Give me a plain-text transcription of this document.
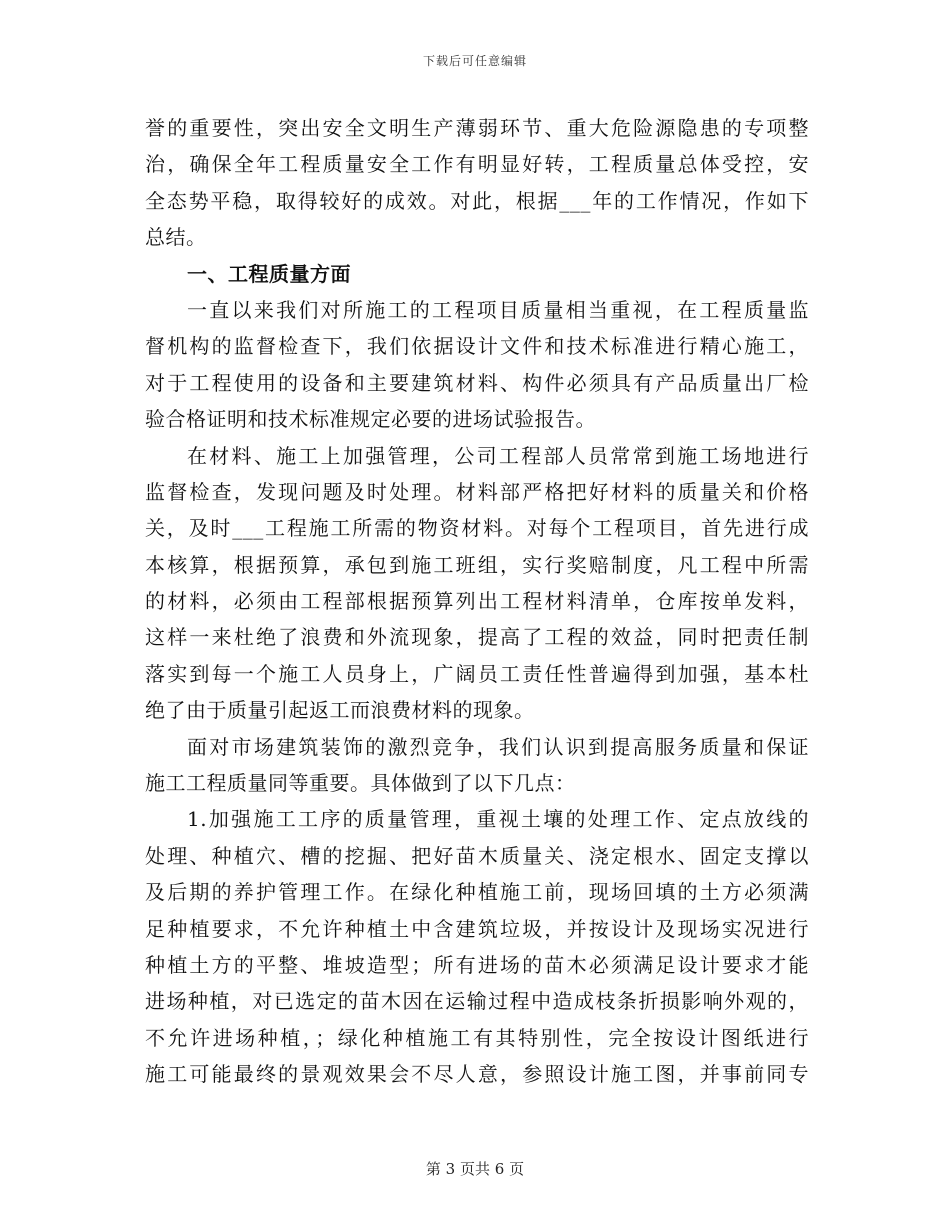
下载后可任意编辑
誉的重要性，突出安全文明生产薄弱环节、重大危险源隐患的专项整
治，确保全年工程质量安全工作有明显好转，工程质量总体受控，安
全态势平稳，取得较好的成效。对此，根据___年的工作情况，作如下
总结。
一、工程质量方面
一直以来我们对所施工的工程项目质量相当重视，在工程质量监
督机构的监督检查下，我们依据设计文件和技术标准进行精心施工，
对于工程使用的设备和主要建筑材料、构件必须具有产品质量出厂检
验合格证明和技术标准规定必要的进场试验报告。
在材料、施工上加强管理，公司工程部人员常常到施工场地进行
监督检查，发现问题及时处理。材料部严格把好材料的质量关和价格
关，及时___工程施工所需的物资材料。对每个工程项目，首先进行成
本核算，根据预算，承包到施工班组，实行奖赔制度，凡工程中所需
的材料，必须由工程部根据预算列出工程材料清单，仓库按单发料，
这样一来杜绝了浪费和外流现象，提高了工程的效益，同时把责任制
落实到每一个施工人员身上，广阔员工责任性普遍得到加强，基本杜
绝了由于质量引起返工而浪费材料的现象。
面对市场建筑装饰的激烈竞争，我们认识到提高服务质量和保证
施工工程质量同等重要。具体做到了以下几点：
1.加强施工工序的质量管理，重视土壤的处理工作、定点放线的
处理、种植穴、槽的挖掘、把好苗木质量关、浇定根水、固定支撑以
及后期的养护管理工作。在绿化种植施工前，现场回填的土方必须满
足种植要求，不允许种植土中含建筑垃圾，并按设计及现场实况进行
种植土方的平整、堆坡造型；所有进场的苗木必须满足设计要求才能
进场种植，对已选定的苗木因在运输过程中造成枝条折损影响外观的，
不允许进场种植，；绿化种植施工有其特别性，完全按设计图纸进行
施工可能最终的景观效果会不尽人意，参照设计施工图，并事前同专
第 3 页共 6 页
